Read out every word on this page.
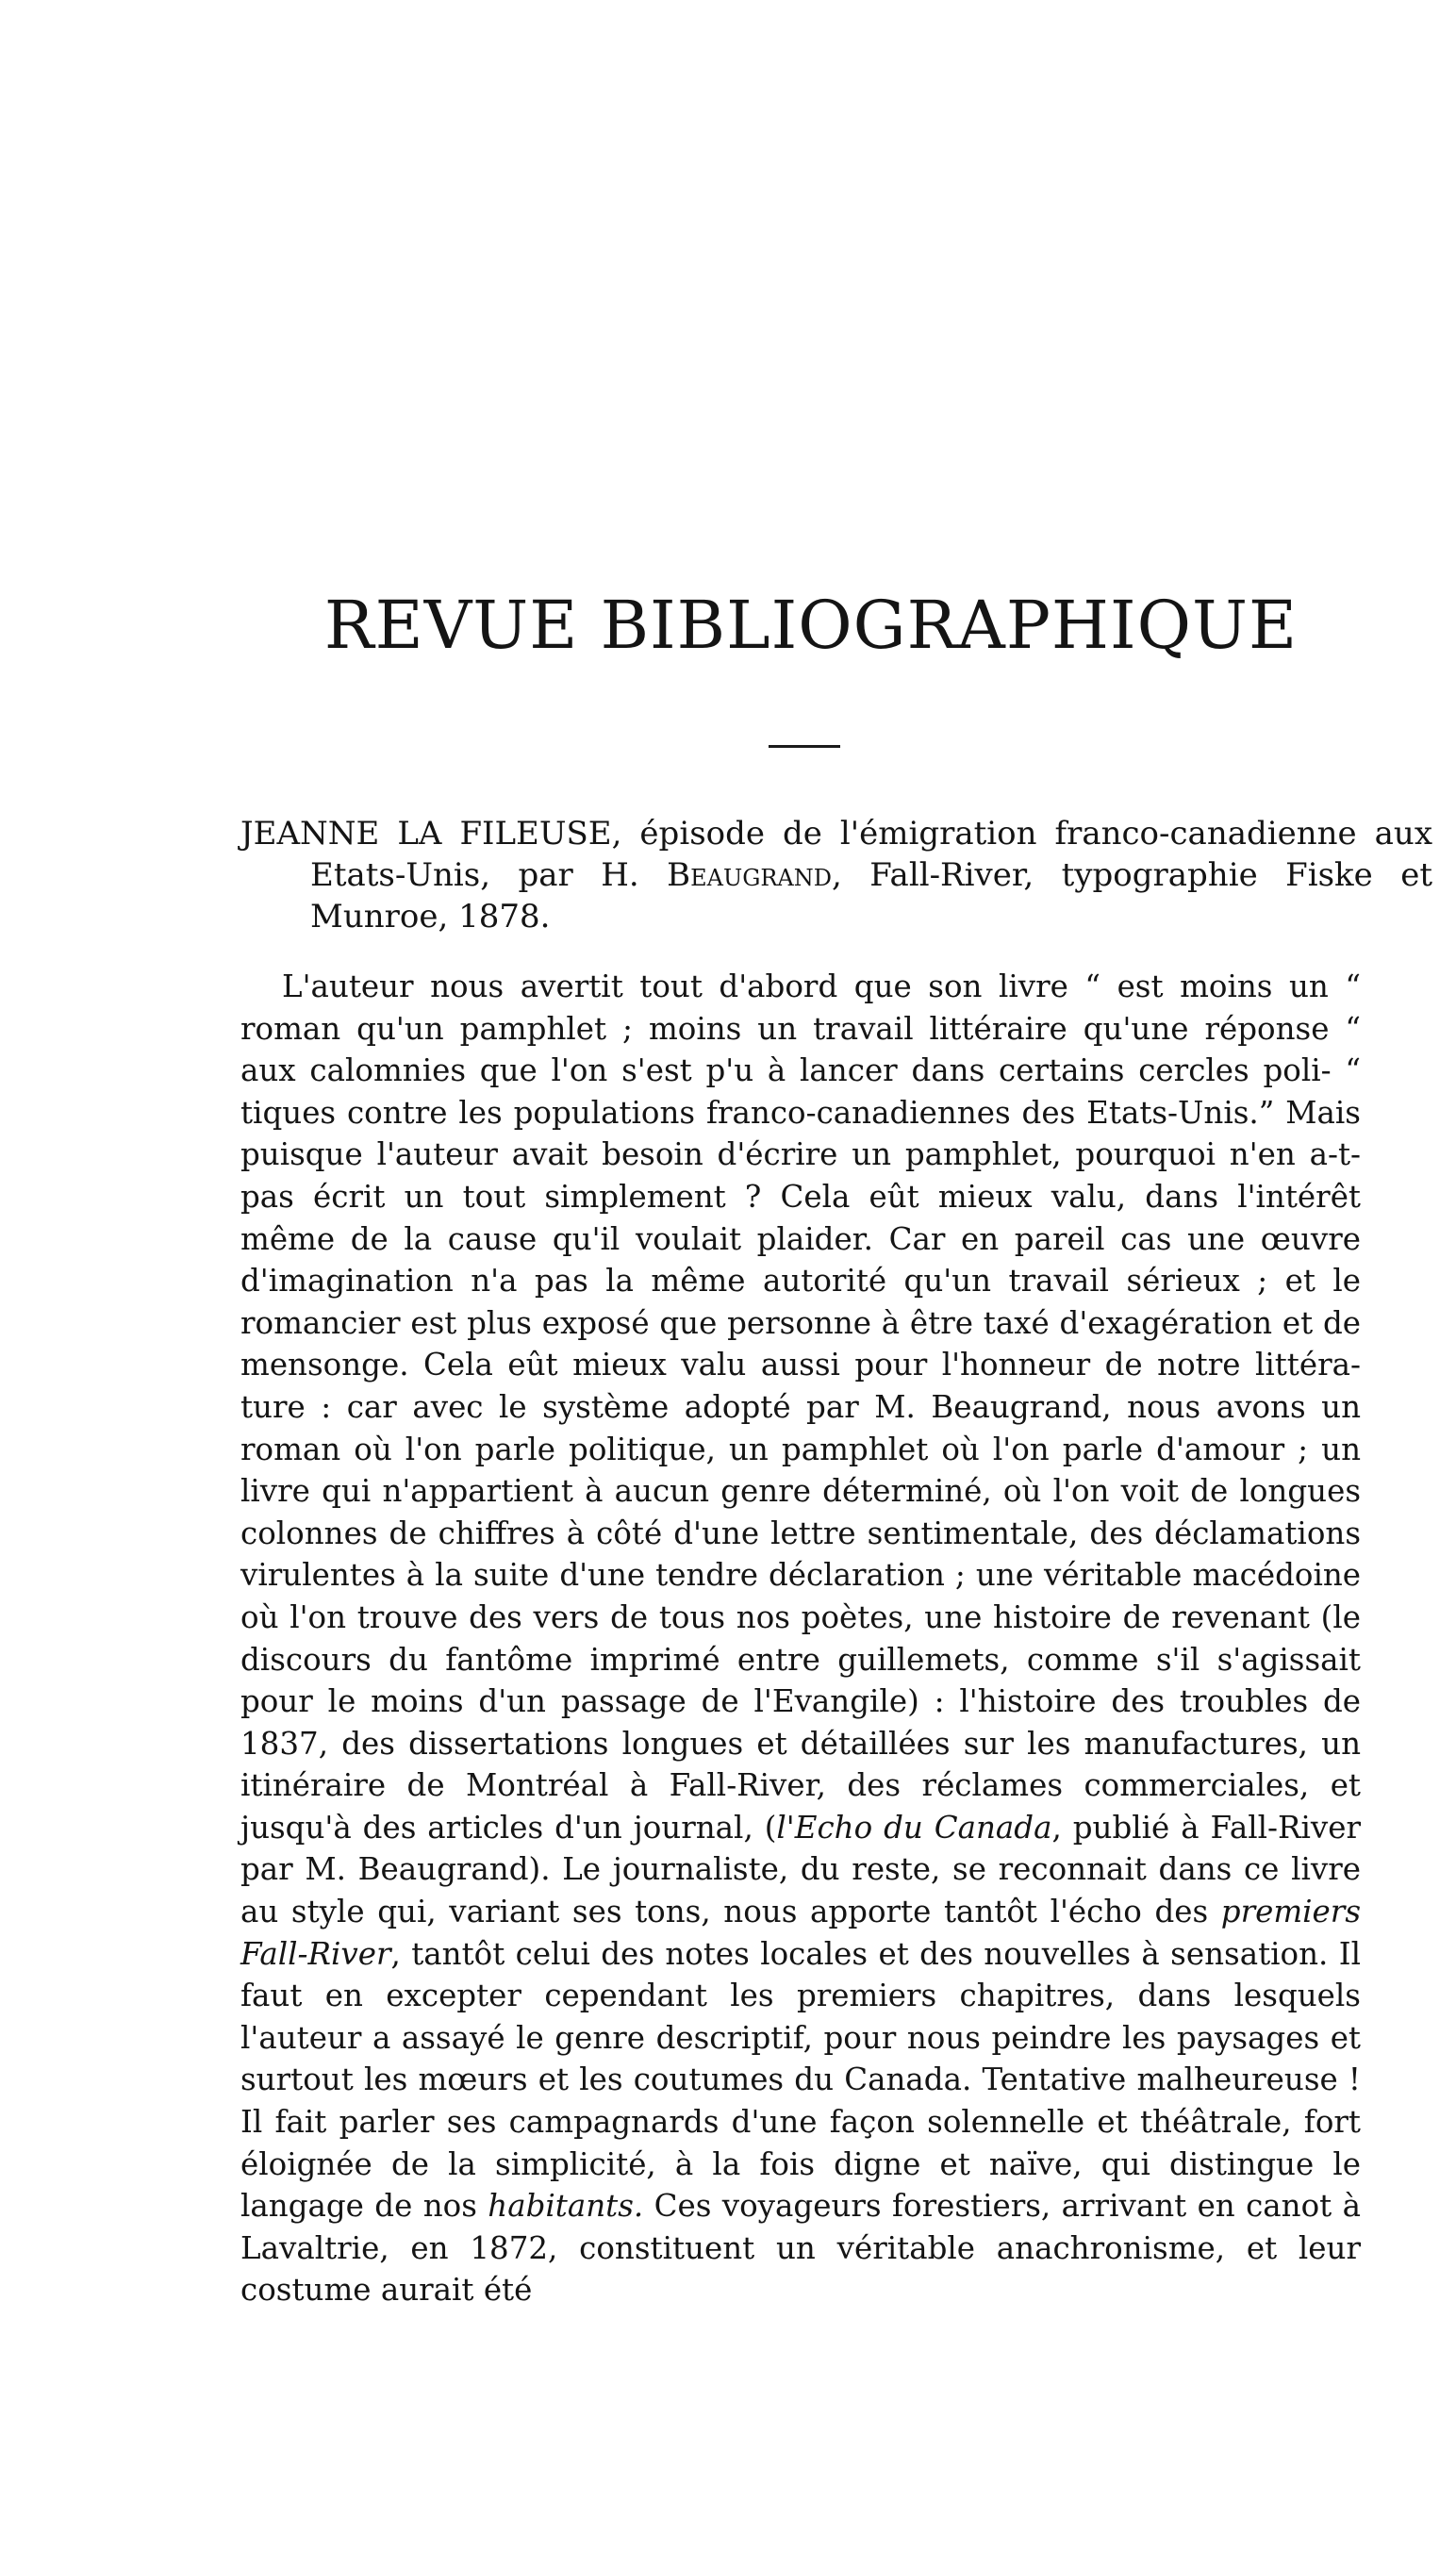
REVUE BIBLIOGRAPHIQUE

JEANNE LA FILEUSE, épisode de l'émigration franco-canadienne aux Etats-Unis, par H. Beaugrand, Fall-River, typographie Fiske et Munroe, 1878.

L'auteur nous avertit tout d'abord que son livre “ est moins un “ roman qu'un pamphlet ; moins un travail littéraire qu'une réponse “ aux calomnies que l'on s'est p'u à lancer dans certains cercles poli- “ tiques contre les populations franco-canadiennes des Etats-Unis.” Mais puisque l'auteur avait besoin d'écrire un pamphlet, pourquoi n'en a-t- pas écrit un tout simplement ? Cela eût mieux valu, dans l'intérêt même de la cause qu'il voulait plaider. Car en pareil cas une œuvre d'imagination n'a pas la même autorité qu'un travail sérieux ; et le romancier est plus exposé que personne à être taxé d'exagération et de mensonge. Cela eût mieux valu aussi pour l'honneur de notre littéra- ture : car avec le système adopté par M. Beaugrand, nous avons un roman où l'on parle politique, un pamphlet où l'on parle d'amour ; un livre qui n'appartient à aucun genre déterminé, où l'on voit de longues colonnes de chiffres à côté d'une lettre sentimentale, des déclamations virulentes à la suite d'une tendre déclaration ; une véritable macédoine où l'on trouve des vers de tous nos poètes, une histoire de revenant (le discours du fantôme imprimé entre guillemets, comme s'il s'agissait pour le moins d'un passage de l'Evangile) : l'histoire des troubles de 1837, des dissertations longues et détaillées sur les manufactures, un itinéraire de Montréal à Fall-River, des réclames commerciales, et jusqu'à des articles d'un journal, (l'Echo du Canada, publié à Fall-River par M. Beaugrand). Le journaliste, du reste, se reconnait dans ce livre au style qui, variant ses tons, nous apporte tantôt l'écho des premiers Fall-River, tantôt celui des notes locales et des nouvelles à sensation. Il faut en excepter cependant les premiers chapitres, dans lesquels l'auteur a assayé le genre descriptif, pour nous peindre les paysages et surtout les mœurs et les coutumes du Canada. Tentative malheureuse ! Il fait parler ses campagnards d'une façon solennelle et théâtrale, fort éloignée de la simplicité, à la fois digne et naïve, qui distingue le langage de nos habitants. Ces voyageurs forestiers, arrivant en canot à Lavaltrie, en 1872, constituent un véritable anachronisme, et leur costume aurait été
